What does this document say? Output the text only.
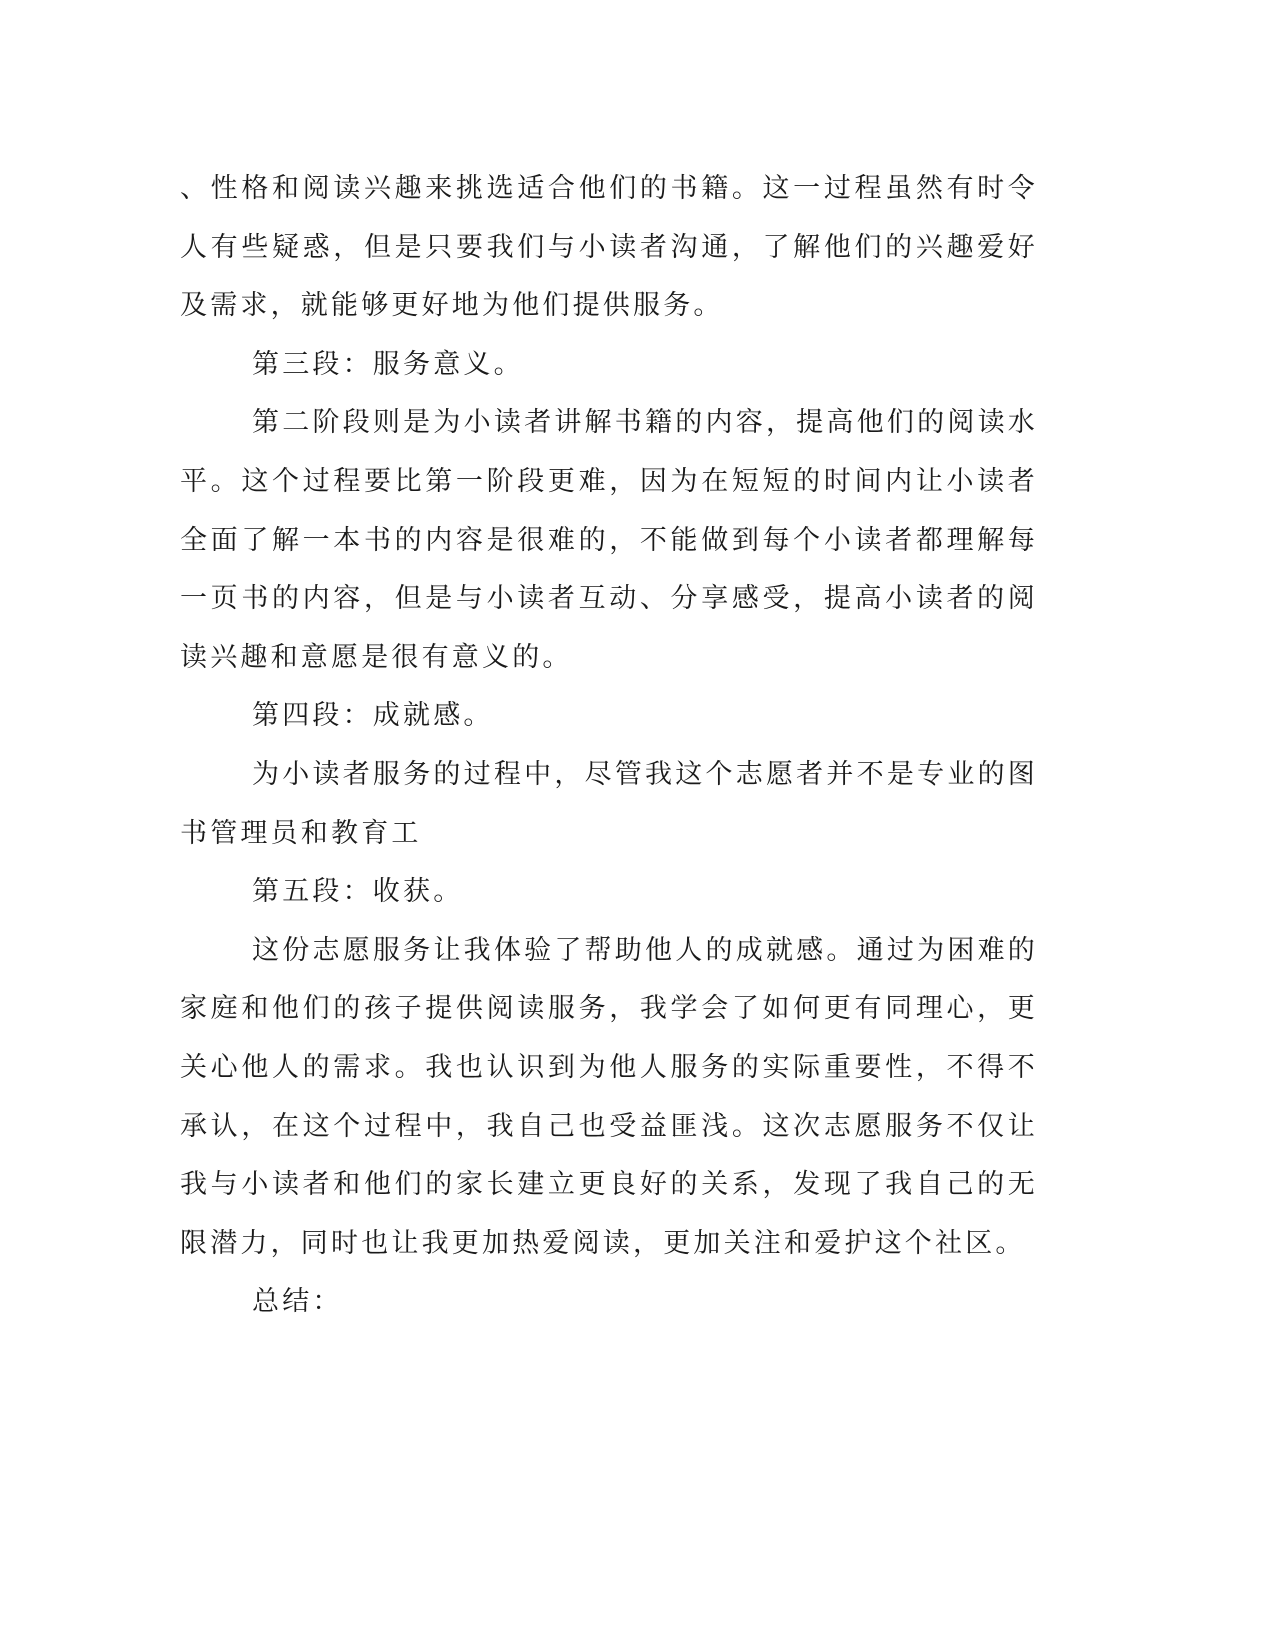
、性格和阅读兴趣来挑选适合他们的书籍。这一过程虽然有时令人有些疑惑，但是只要我们与小读者沟通，了解他们的兴趣爱好及需求，就能够更好地为他们提供服务。

第三段：服务意义。

第二阶段则是为小读者讲解书籍的内容，提高他们的阅读水平。这个过程要比第一阶段更难，因为在短短的时间内让小读者全面了解一本书的内容是很难的，不能做到每个小读者都理解每一页书的内容，但是与小读者互动、分享感受，提高小读者的阅读兴趣和意愿是很有意义的。

第四段：成就感。

为小读者服务的过程中，尽管我这个志愿者并不是专业的图书管理员和教育工

第五段：收获。

这份志愿服务让我体验了帮助他人的成就感。通过为困难的家庭和他们的孩子提供阅读服务，我学会了如何更有同理心，更关心他人的需求。我也认识到为他人服务的实际重要性，不得不承认，在这个过程中，我自己也受益匪浅。这次志愿服务不仅让我与小读者和他们的家长建立更良好的关系，发现了我自己的无限潜力，同时也让我更加热爱阅读，更加关注和爱护这个社区。

总结：
